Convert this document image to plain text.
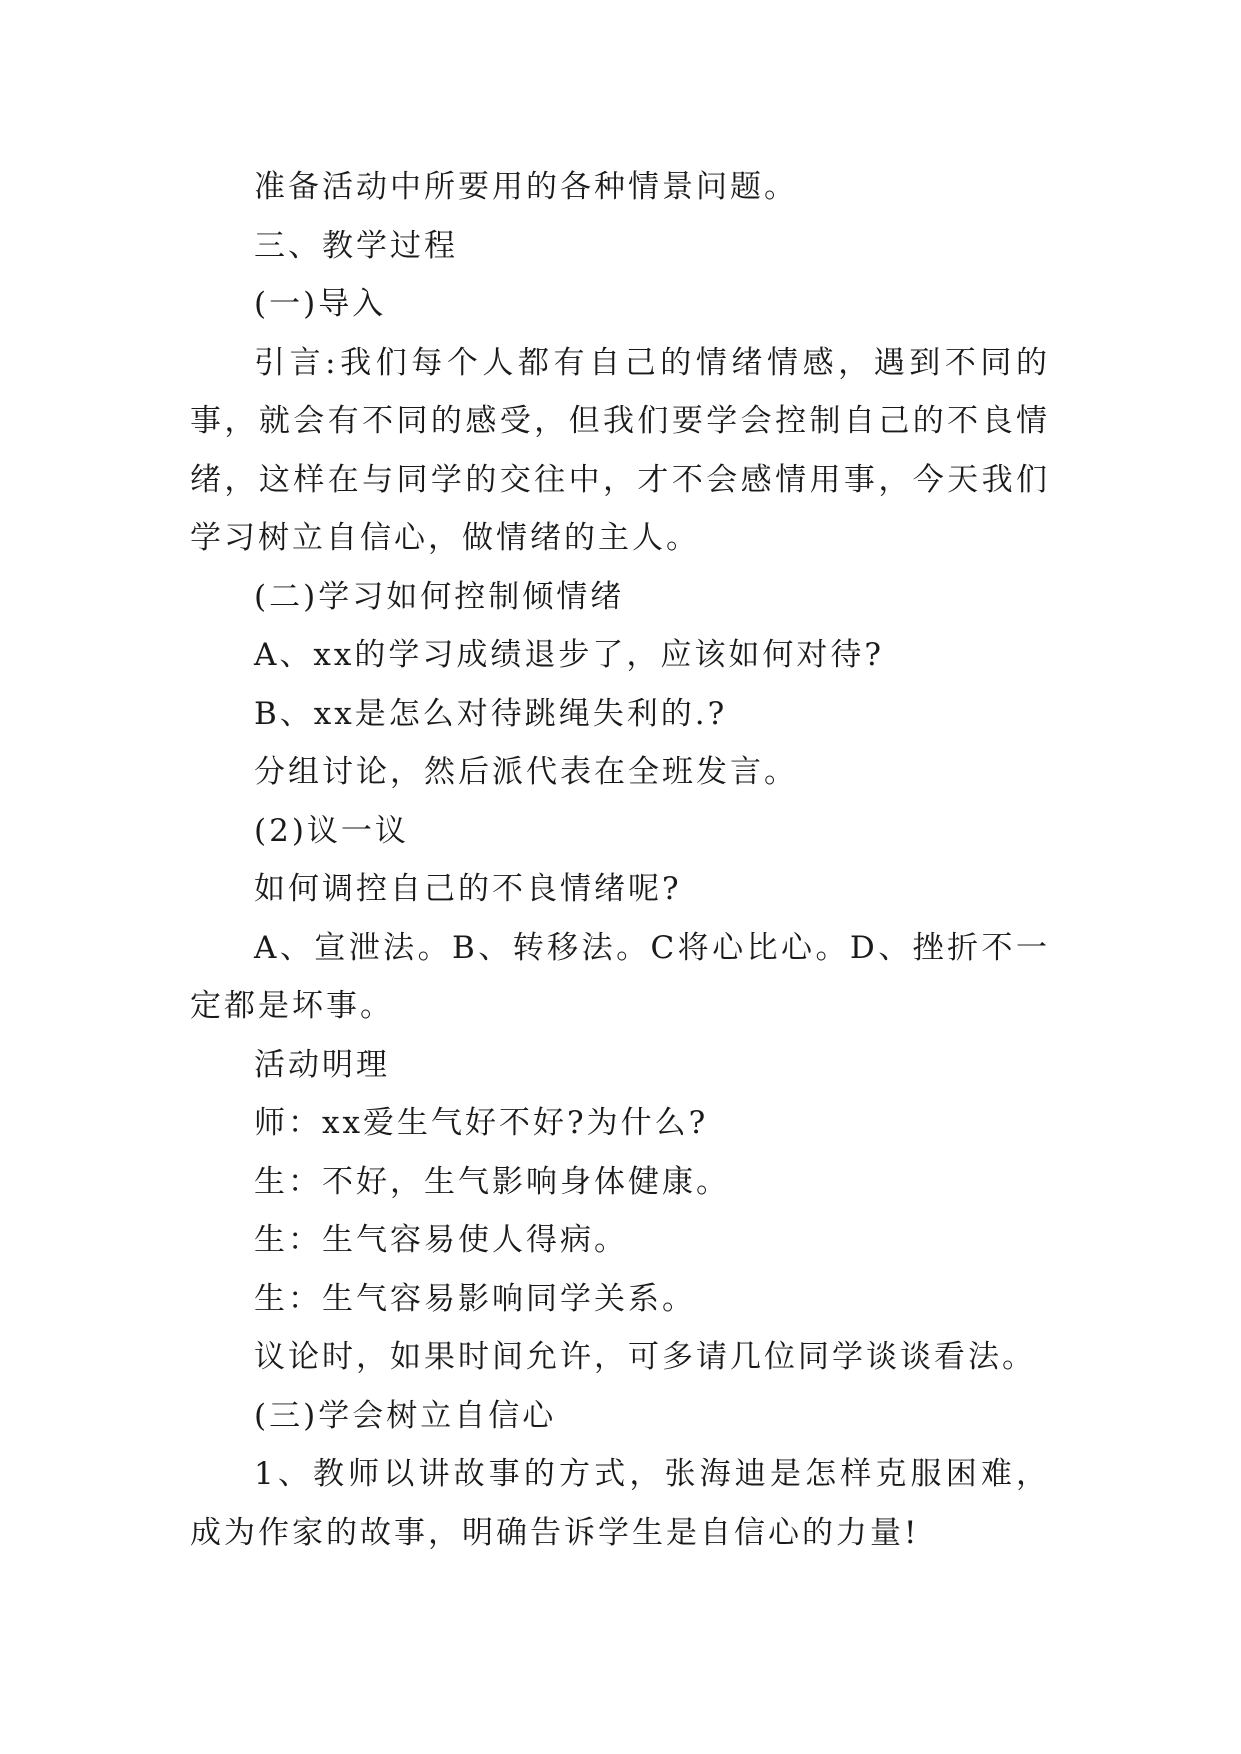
准备活动中所要用的各种情景问题。

三、教学过程

(一)导入

引言:我们每个人都有自己的情绪情感，遇到不同的事，就会有不同的感受，但我们要学会控制自己的不良情绪，这样在与同学的交往中，才不会感情用事，今天我们学习树立自信心，做情绪的主人。

(二)学习如何控制倾情绪

A、xx的学习成绩退步了，应该如何对待?

B、xx是怎么对待跳绳失利的.?

分组讨论，然后派代表在全班发言。

(2)议一议

如何调控自己的不良情绪呢?

A、宣泄法。B、转移法。C将心比心。D、挫折不一定都是坏事。

活动明理

师：xx爱生气好不好?为什么?

生：不好，生气影响身体健康。

生：生气容易使人得病。

生：生气容易影响同学关系。

议论时，如果时间允许，可多请几位同学谈谈看法。

(三)学会树立自信心

1、教师以讲故事的方式，张海迪是怎样克服困难，成为作家的故事，明确告诉学生是自信心的力量!
